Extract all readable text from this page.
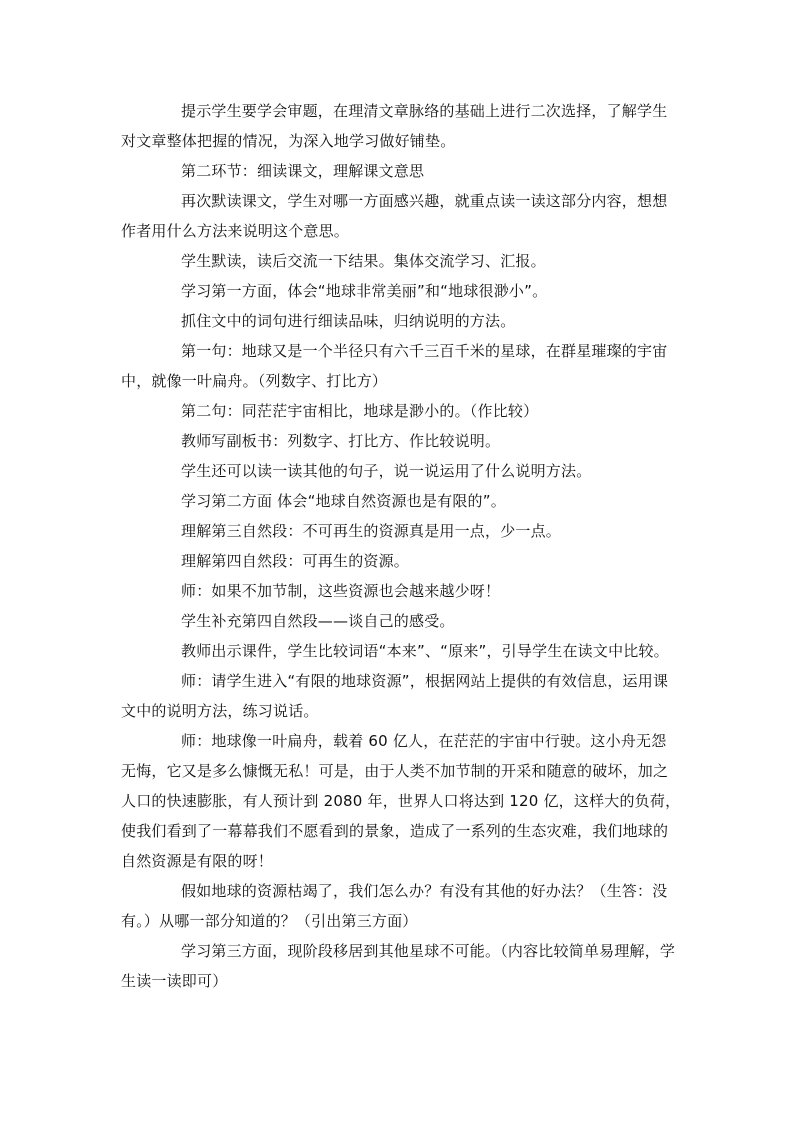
提示学生要学会审题，在理清文章脉络的基础上进行二次选择，了解学生对文章整体把握的情况，为深入地学习做好铺垫。

第二环节：细读课文，理解课文意思

再次默读课文，学生对哪一方面感兴趣，就重点读一读这部分内容，想想作者用什么方法来说明这个意思。

学生默读，读后交流一下结果。集体交流学习、汇报。

学习第一方面，体会“地球非常美丽”和“地球很渺小”。

抓住文中的词句进行细读品味，归纳说明的方法。

第一句：地球又是一个半径只有六千三百千米的星球，在群星璀璨的宇宙中，就像一叶扁舟。（列数字、打比方）

第二句：同茫茫宇宙相比，地球是渺小的。（作比较）

教师写副板书：列数字、打比方、作比较说明。

学生还可以读一读其他的句子，说一说运用了什么说明方法。

学习第二方面 体会“地球自然资源也是有限的”。

理解第三自然段：不可再生的资源真是用一点，少一点。

理解第四自然段：可再生的资源。

师：如果不加节制，这些资源也会越来越少呀！

学生补充第四自然段——谈自己的感受。

教师出示课件，学生比较词语“本来”、“原来”，引导学生在读文中比较。

师：请学生进入“有限的地球资源”，根据网站上提供的有效信息，运用课文中的说明方法，练习说话。

师：地球像一叶扁舟，载着 60 亿人，在茫茫的宇宙中行驶。这小舟无怨无悔，它又是多么慷慨无私！可是，由于人类不加节制的开采和随意的破坏，加之人口的快速膨胀，有人预计到 2080 年，世界人口将达到 120 亿，这样大的负荷，使我们看到了一幕幕我们不愿看到的景象，造成了一系列的生态灾难，我们地球的自然资源是有限的呀！

假如地球的资源枯竭了，我们怎么办？有没有其他的好办法？（生答：没有。）从哪一部分知道的？（引出第三方面）

学习第三方面，现阶段移居到其他星球不可能。（内容比较简单易理解，学生读一读即可）
